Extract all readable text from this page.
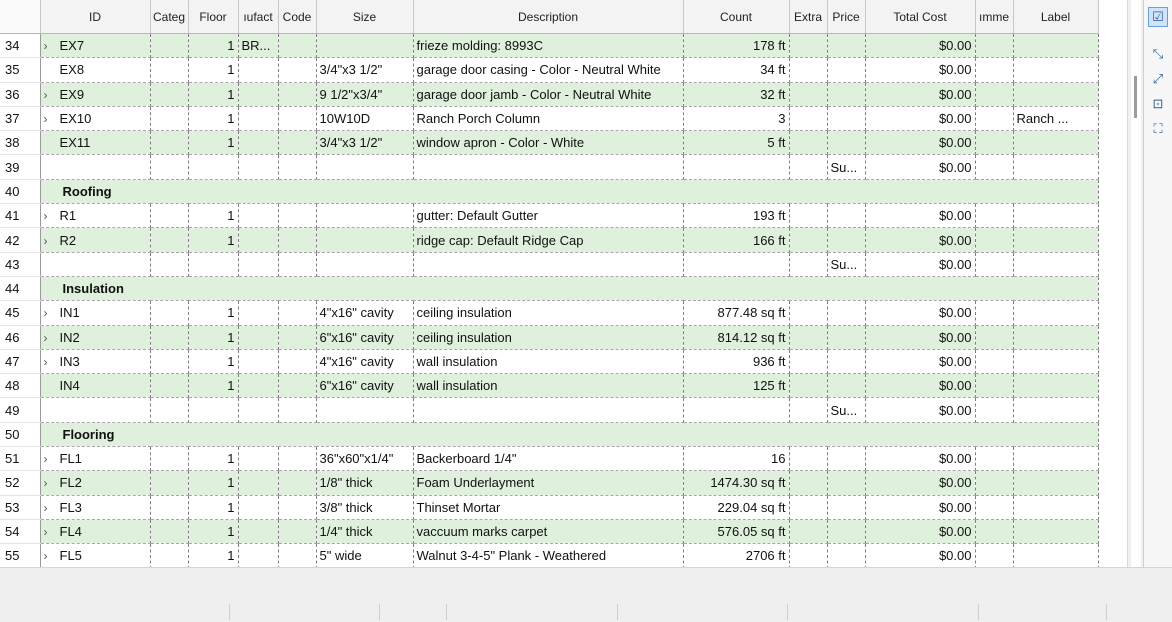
	ID	Categ	Floor	ıufact	Code	Size	Description	Count	Extra	Price	Total Cost	ımme	Label
34	› EX7		1	BR...			frieze molding: 8993C	178 ft			$0.00		
35	EX8		1			3/4"x3 1/2"	garage door casing - Color - Neutral White	34 ft			$0.00		
36	› EX9		1			9 1/2"x3/4"	garage door jamb - Color - Neutral White	32 ft			$0.00		
37	› EX10		1			10W10D	Ranch Porch Column	3			$0.00		Ranch ...
38	EX11		1			3/4"x3 1/2"	window apron - Color - White	5 ft			$0.00		
39										Su...	$0.00		
40	Roofing												
41	› R1		1				gutter: Default Gutter	193 ft			$0.00		
42	› R2		1				ridge cap: Default Ridge Cap	166 ft			$0.00		
43										Su...	$0.00		
44	Insulation												
45	› IN1		1			4"x16" cavity	ceiling insulation	877.48 sq ft			$0.00		
46	› IN2		1			6"x16" cavity	ceiling insulation	814.12 sq ft			$0.00		
47	› IN3		1			4"x16" cavity	wall insulation	936 ft			$0.00		
48	IN4		1			6"x16" cavity	wall insulation	125 ft			$0.00		
49										Su...	$0.00		
50	Flooring												
51	› FL1		1			36"x60"x1/4"	Backerboard 1/4"	16			$0.00		
52	› FL2		1			1/8" thick	Foam Underlayment	1474.30 sq ft			$0.00		
53	› FL3		1			3/8" thick	Thinset Mortar	229.04 sq ft			$0.00		
54	› FL4		1			1/4" thick	vaccuum marks carpet	576.05 sq ft			$0.00		
55	› FL5		1			5" wide	Walnut 3-4-5" Plank - Weathered	2706 ft			$0.00		
☑
⤡
⤢
⊡
⛶
